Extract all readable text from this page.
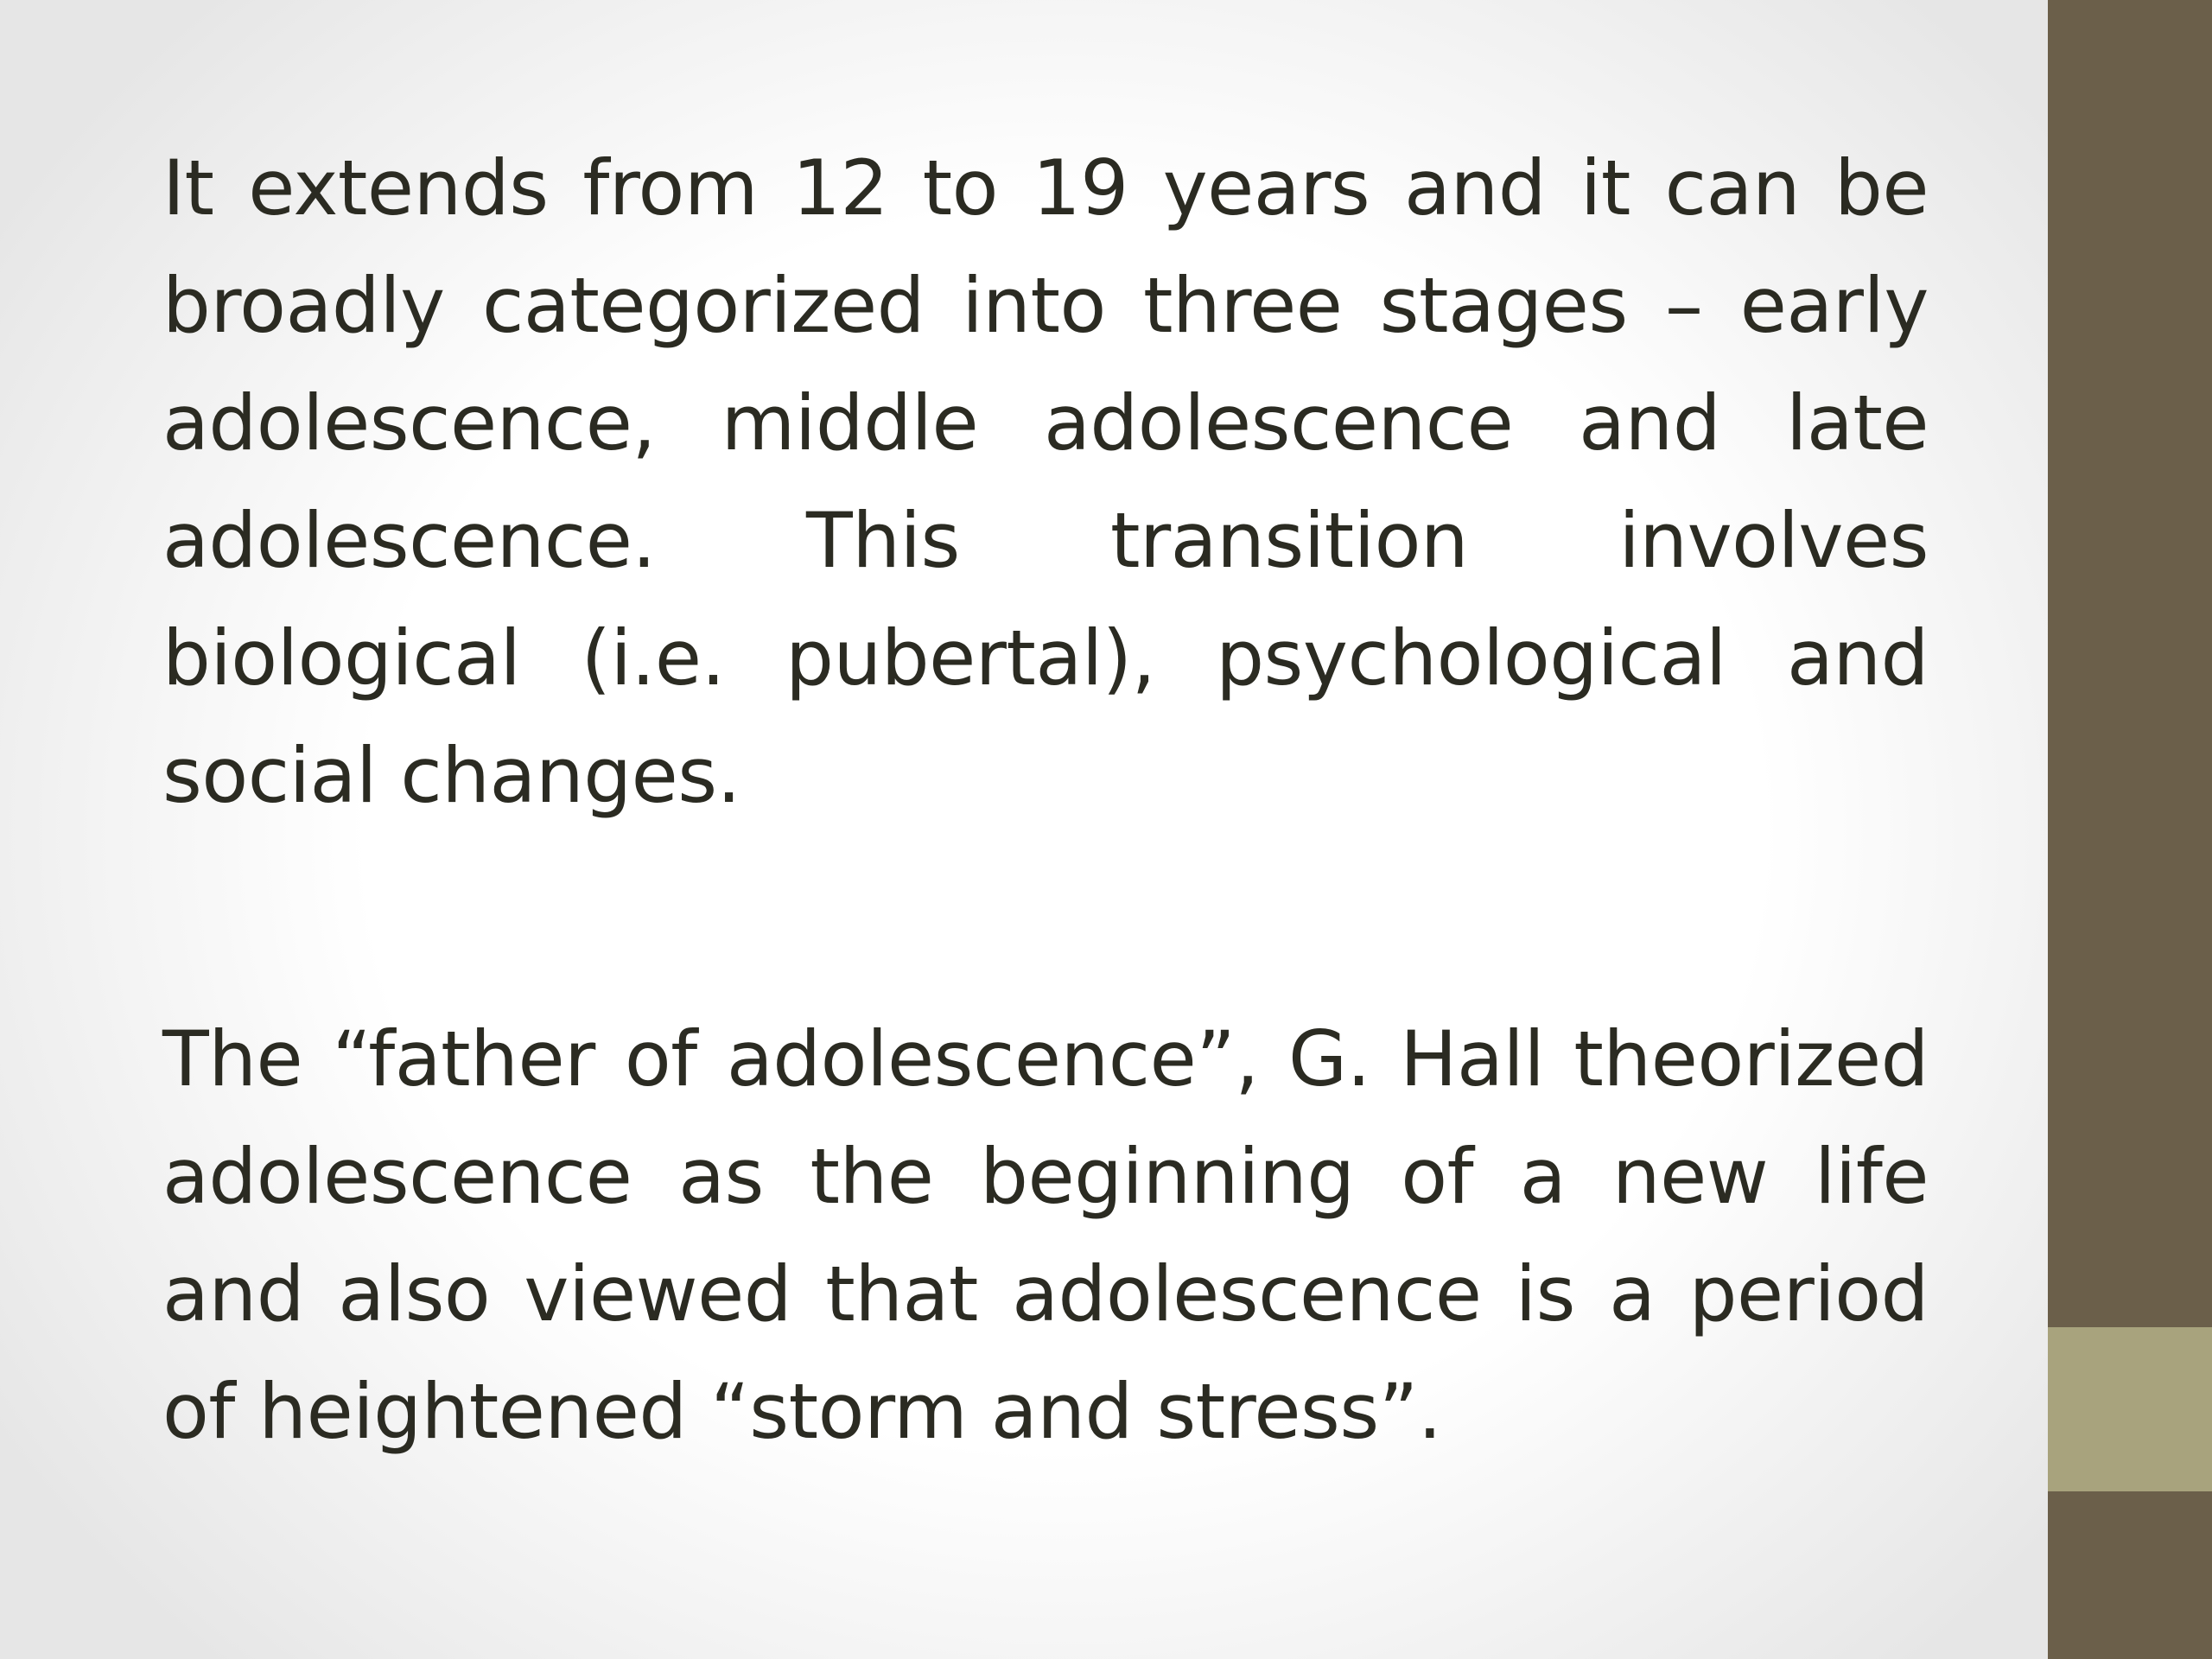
It extends from 12 to 19 years and it can be broadly categorized into three stages – early adolescence, middle adolescence and late adolescence. This transition involves biological (i.e. pubertal), psychological and social changes.

The “father of adolescence”, G. Hall theorized adolescence as the beginning of a new life and also viewed that adolescence is a period of heightened “storm and stress”.
